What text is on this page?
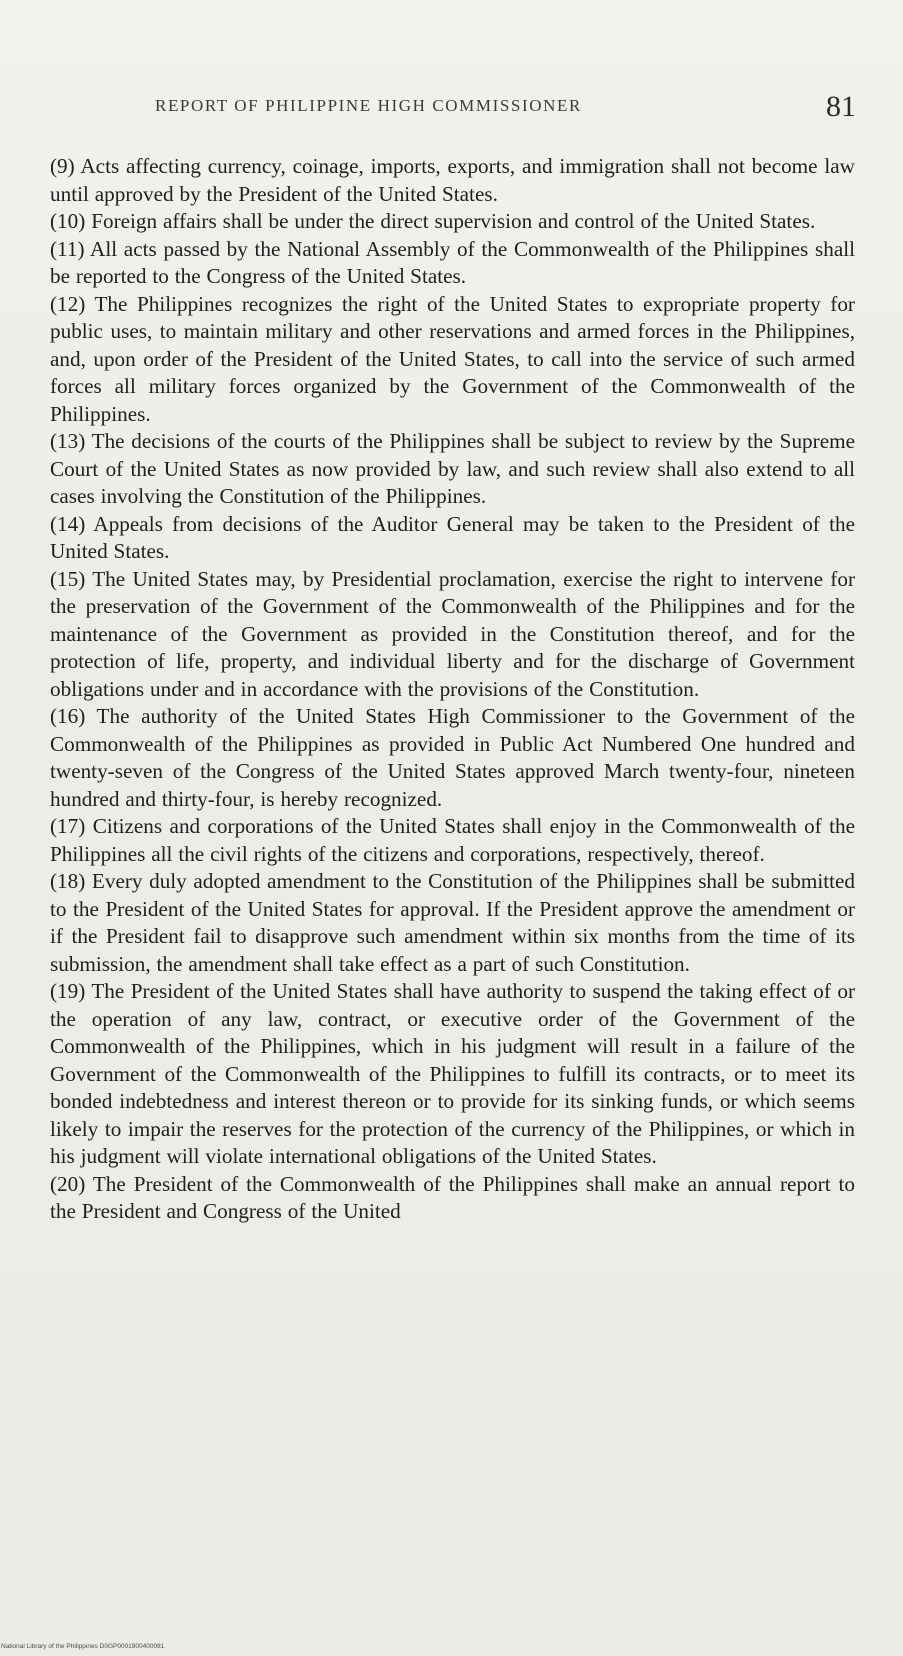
REPORT OF PHILIPPINE HIGH COMMISSIONER	81

(9) Acts affecting currency, coinage, imports, exports, and immigration shall not become law until approved by the President of the United States.

(10) Foreign affairs shall be under the direct supervision and control of the United States.

(11) All acts passed by the National Assembly of the Commonwealth of the Philippines shall be reported to the Congress of the United States.

(12) The Philippines recognizes the right of the United States to expropriate property for public uses, to maintain military and other reservations and armed forces in the Philippines, and, upon order of the President of the United States, to call into the service of such armed forces all military forces organized by the Government of the Commonwealth of the Philippines.

(13) The decisions of the courts of the Philippines shall be subject to review by the Supreme Court of the United States as now provided by law, and such review shall also extend to all cases involving the Constitution of the Philippines.

(14) Appeals from decisions of the Auditor General may be taken to the President of the United States.

(15) The United States may, by Presidential proclamation, exercise the right to intervene for the preservation of the Government of the Commonwealth of the Philippines and for the maintenance of the Government as provided in the Constitution thereof, and for the protection of life, property, and individual liberty and for the discharge of Government obligations under and in accordance with the provisions of the Constitution.

(16) The authority of the United States High Commissioner to the Government of the Commonwealth of the Philippines as provided in Public Act Numbered One hundred and twenty-seven of the Congress of the United States approved March twenty-four, nineteen hundred and thirty-four, is hereby recognized.

(17) Citizens and corporations of the United States shall enjoy in the Commonwealth of the Philippines all the civil rights of the citizens and corporations, respectively, thereof.

(18) Every duly adopted amendment to the Constitution of the Philippines shall be submitted to the President of the United States for approval. If the President approve the amendment or if the President fail to disapprove such amendment within six months from the time of its submission, the amendment shall take effect as a part of such Constitution.

(19) The President of the United States shall have authority to suspend the taking effect of or the operation of any law, contract, or executive order of the Government of the Commonwealth of the Philippines, which in his judgment will result in a failure of the Government of the Commonwealth of the Philippines to fulfill its contracts, or to meet its bonded indebtedness and interest thereon or to provide for its sinking funds, or which seems likely to impair the reserves for the protection of the currency of the Philippines, or which in his judgment will violate international obligations of the United States.

(20) The President of the Commonwealth of the Philippines shall make an annual report to the President and Congress of the United

National Library of the Philippines D0GP0001900400081
